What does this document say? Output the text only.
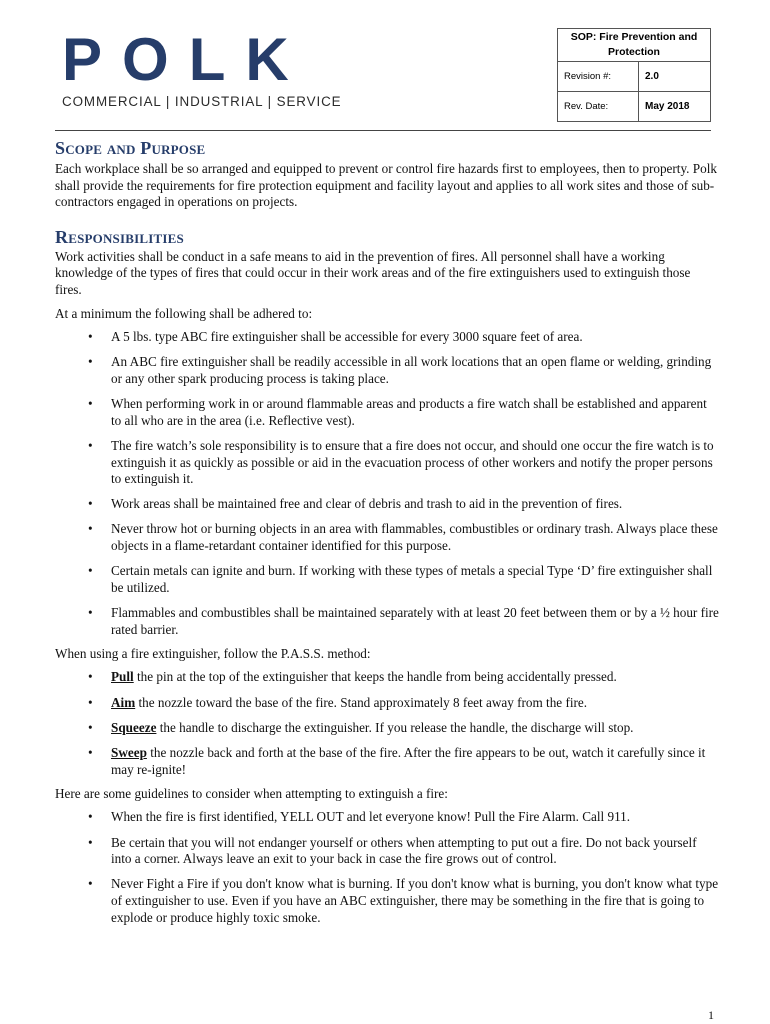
POLK
COMMERCIAL | INDUSTRIAL | SERVICE
SOP: Fire Prevention and Protection	
Revision #:	2.0
Rev. Date:	May 2018
Scope and Purpose

Each workplace shall be so arranged and equipped to prevent or control fire hazards first to employees, then to property. Polk shall provide the requirements for fire protection equipment and facility layout and applies to all work sites and those of sub-contractors engaged in operations on projects.

Responsibilities

Work activities shall be conduct in a safe means to aid in the prevention of fires. All personnel shall have a working knowledge of the types of fires that could occur in their work areas and of the fire extinguishers used to extinguish those fires.

At a minimum the following shall be adhered to:

• A 5 lbs. type ABC fire extinguisher shall be accessible for every 3000 square feet of area.
• An ABC fire extinguisher shall be readily accessible in all work locations that an open flame or welding, grinding or any other spark producing process is taking place.
• When performing work in or around flammable areas and products a fire watch shall be established and apparent to all who are in the area (i.e. Reflective vest).
• The fire watch’s sole responsibility is to ensure that a fire does not occur, and should one occur the fire watch is to extinguish it as quickly as possible or aid in the evacuation process of other workers and notify the proper persons to extinguish it.
• Work areas shall be maintained free and clear of debris and trash to aid in the prevention of fires.
• Never throw hot or burning objects in an area with flammables, combustibles or ordinary trash. Always place these objects in a flame-retardant container identified for this purpose.
• Certain metals can ignite and burn. If working with these types of metals a special Type ‘D’ fire extinguisher shall be utilized.
• Flammables and combustibles shall be maintained separately with at least 20 feet between them or by a ½ hour fire rated barrier.

When using a fire extinguisher, follow the P.A.S.S. method:

• Pull the pin at the top of the extinguisher that keeps the handle from being accidentally pressed.
• Aim the nozzle toward the base of the fire. Stand approximately 8 feet away from the fire.
• Squeeze the handle to discharge the extinguisher. If you release the handle, the discharge will stop.
• Sweep the nozzle back and forth at the base of the fire. After the fire appears to be out, watch it carefully since it may re-ignite!

Here are some guidelines to consider when attempting to extinguish a fire:

• When the fire is first identified, YELL OUT and let everyone know! Pull the Fire Alarm. Call 911.
• Be certain that you will not endanger yourself or others when attempting to put out a fire. Do not back yourself into a corner. Always leave an exit to your back in case the fire grows out of control.
• Never Fight a Fire if you don't know what is burning. If you don't know what is burning, you don't know what type of extinguisher to use. Even if you have an ABC extinguisher, there may be something in the fire that is going to explode or produce highly toxic smoke.
1
